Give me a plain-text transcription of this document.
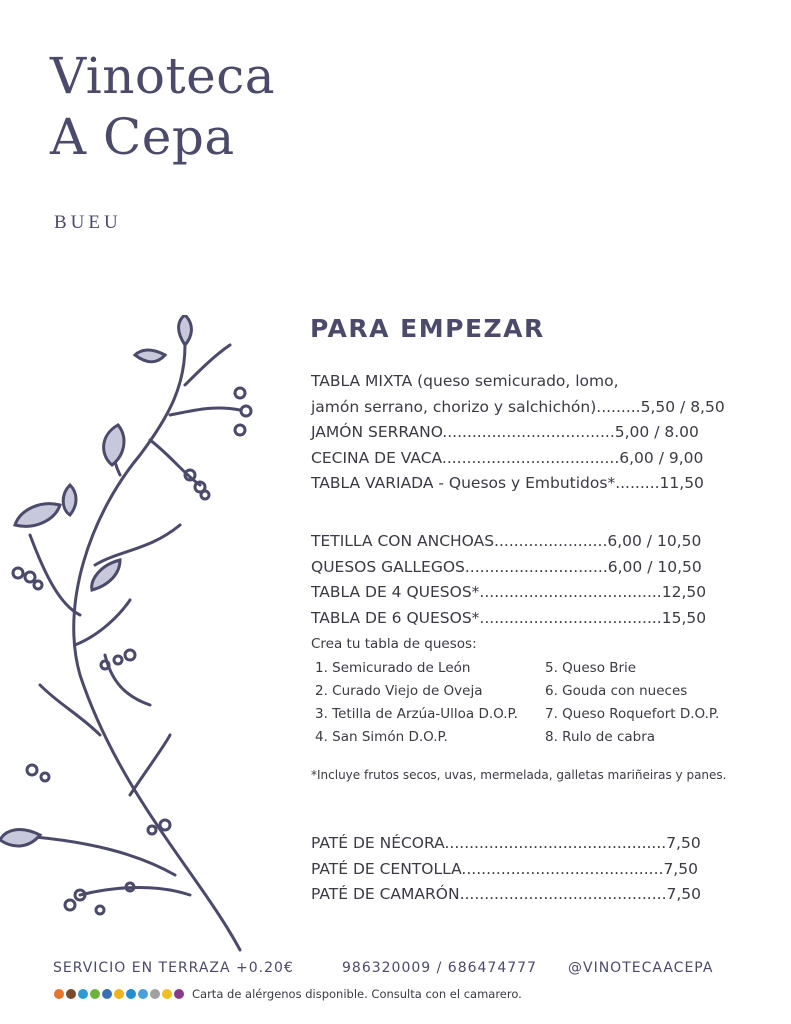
Vinoteca
A Cepa
BUEU
PARA EMPEZAR
TABLA MIXTA (queso semicurado, lomo,
jamón serrano, chorizo y salchichón).........5,50 / 8,50
JAMÓN SERRANO...................................5,00 / 8.00
CECINA DE VACA....................................6,00 / 9,00
TABLA VARIADA - Quesos y Embutidos*.........11,50
TETILLA CON ANCHOAS.......................6,00 / 10,50
QUESOS GALLEGOS.............................6,00 / 10,50
TABLA DE 4 QUESOS*.....................................12,50
TABLA DE 6 QUESOS*.....................................15,50
Crea tu tabla de quesos:
1. Semicurado de León	5. Queso Brie
2. Curado Viejo de Oveja	6. Gouda con nueces
3. Tetilla de Arzúa-Ulloa D.O.P.	7. Queso Roquefort D.O.P.
4. San Simón D.O.P.	8. Rulo de cabra
*Incluye frutos secos, uvas, mermelada, galletas mariñeiras y panes.
PATÉ DE NÉCORA.............................................7,50
PATÉ DE CENTOLLA.........................................7,50
PATÉ DE CAMARÓN..........................................7,50
SERVICIO EN TERRAZA +0.20€	986320009 / 686474777 @VINOTECAACEPA
Carta de alérgenos disponible. Consulta con el camarero.
